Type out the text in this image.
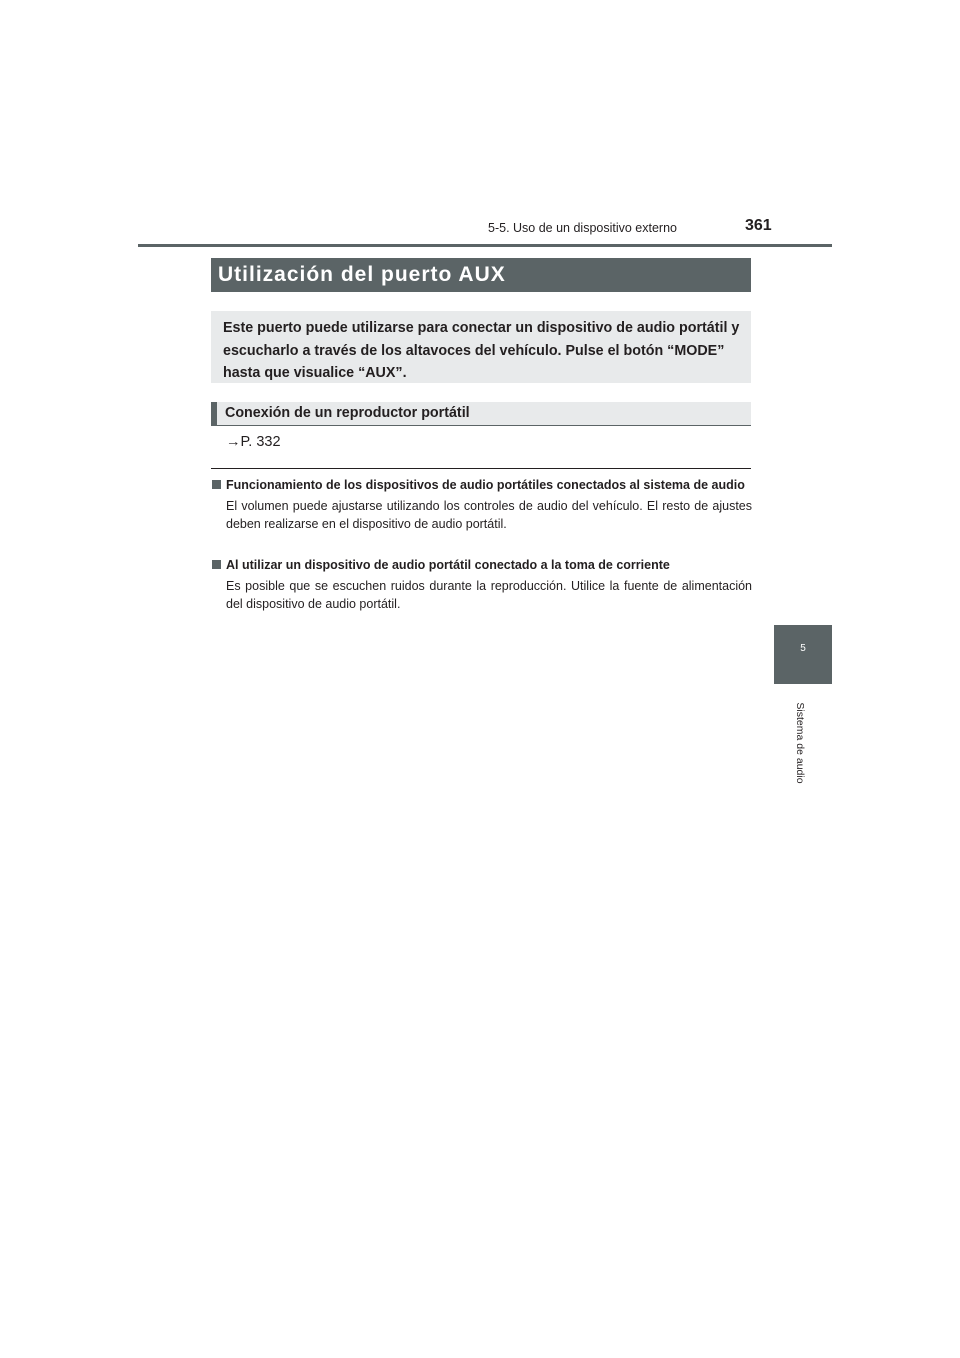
5-5. Uso de un dispositivo externo	361
5
Sistema de audio
Utilización del puerto AUX
Este puerto puede utilizarse para conectar un dispositivo de audio portátil y escucharlo a través de los altavoces del vehículo. Pulse el botón “MODE” hasta que visualice “AUX”.
Conexión de un reproductor portátil
→P. 332
Funcionamiento de los dispositivos de audio portátiles conectados al sistema de audio
El volumen puede ajustarse utilizando los controles de audio del vehículo. El resto de ajustes deben realizarse en el dispositivo de audio portátil.
Al utilizar un dispositivo de audio portátil conectado a la toma de corriente
Es posible que se escuchen ruidos durante la reproducción. Utilice la fuente de alimentación del dispositivo de audio portátil.
